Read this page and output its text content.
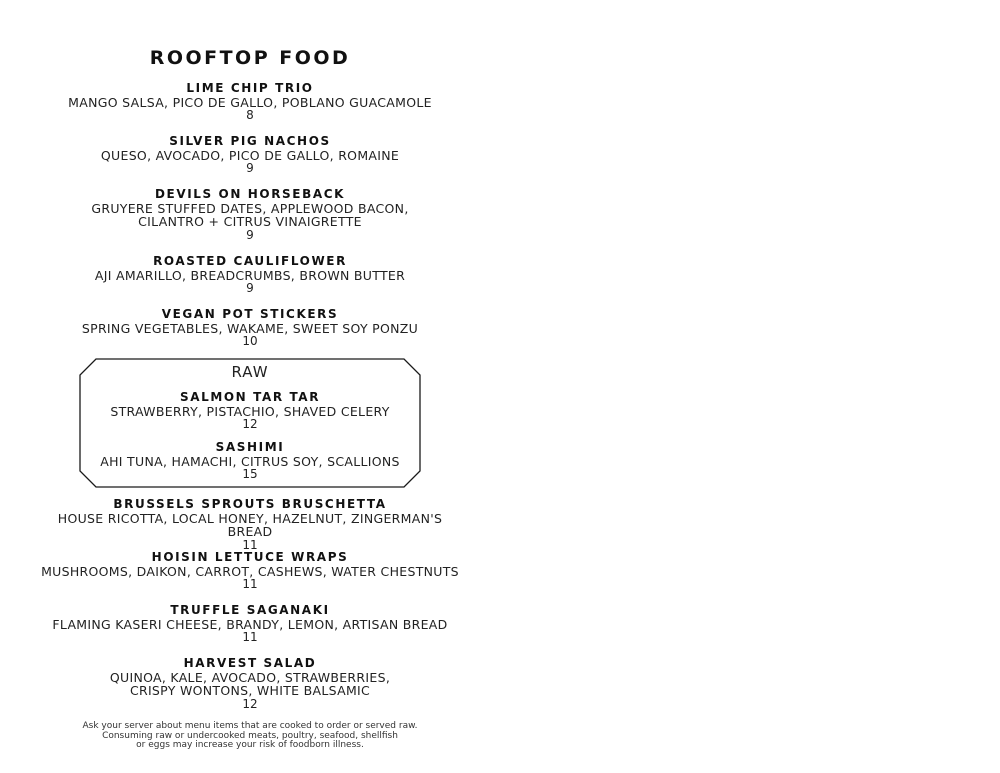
ROOFTOP FOOD
LIME CHIP TRIO
MANGO SALSA, PICO DE GALLO, POBLANO GUACAMOLE
8
SILVER PIG NACHOS
QUESO, AVOCADO, PICO DE GALLO, ROMAINE
9
DEVILS ON HORSEBACK
GRUYERE STUFFED DATES, APPLEWOOD BACON,
CILANTRO + CITRUS VINAIGRETTE
9
ROASTED CAULIFLOWER
AJI AMARILLO, BREADCRUMBS, BROWN BUTTER
9
VEGAN POT STICKERS
SPRING VEGETABLES, WAKAME, SWEET SOY PONZU
10
RAW
SALMON TAR TAR
STRAWBERRY, PISTACHIO, SHAVED CELERY
12
SASHIMI
AHI TUNA, HAMACHI, CITRUS SOY, SCALLIONS
15
BRUSSELS SPROUTS BRUSCHETTA
HOUSE RICOTTA, LOCAL HONEY, HAZELNUT, ZINGERMAN'S BREAD
11
HOISIN LETTUCE WRAPS
MUSHROOMS, DAIKON, CARROT, CASHEWS, WATER CHESTNUTS
11
TRUFFLE SAGANAKI
FLAMING KASERI CHEESE, BRANDY, LEMON, ARTISAN BREAD
11
HARVEST SALAD
QUINOA, KALE, AVOCADO, STRAWBERRIES,
CRISPY WONTONS, WHITE BALSAMIC
12
Ask your server about menu items that are cooked to order or served raw.
Consuming raw or undercooked meats, poultry, seafood, shellfish
or eggs may increase your risk of foodborn illness.
